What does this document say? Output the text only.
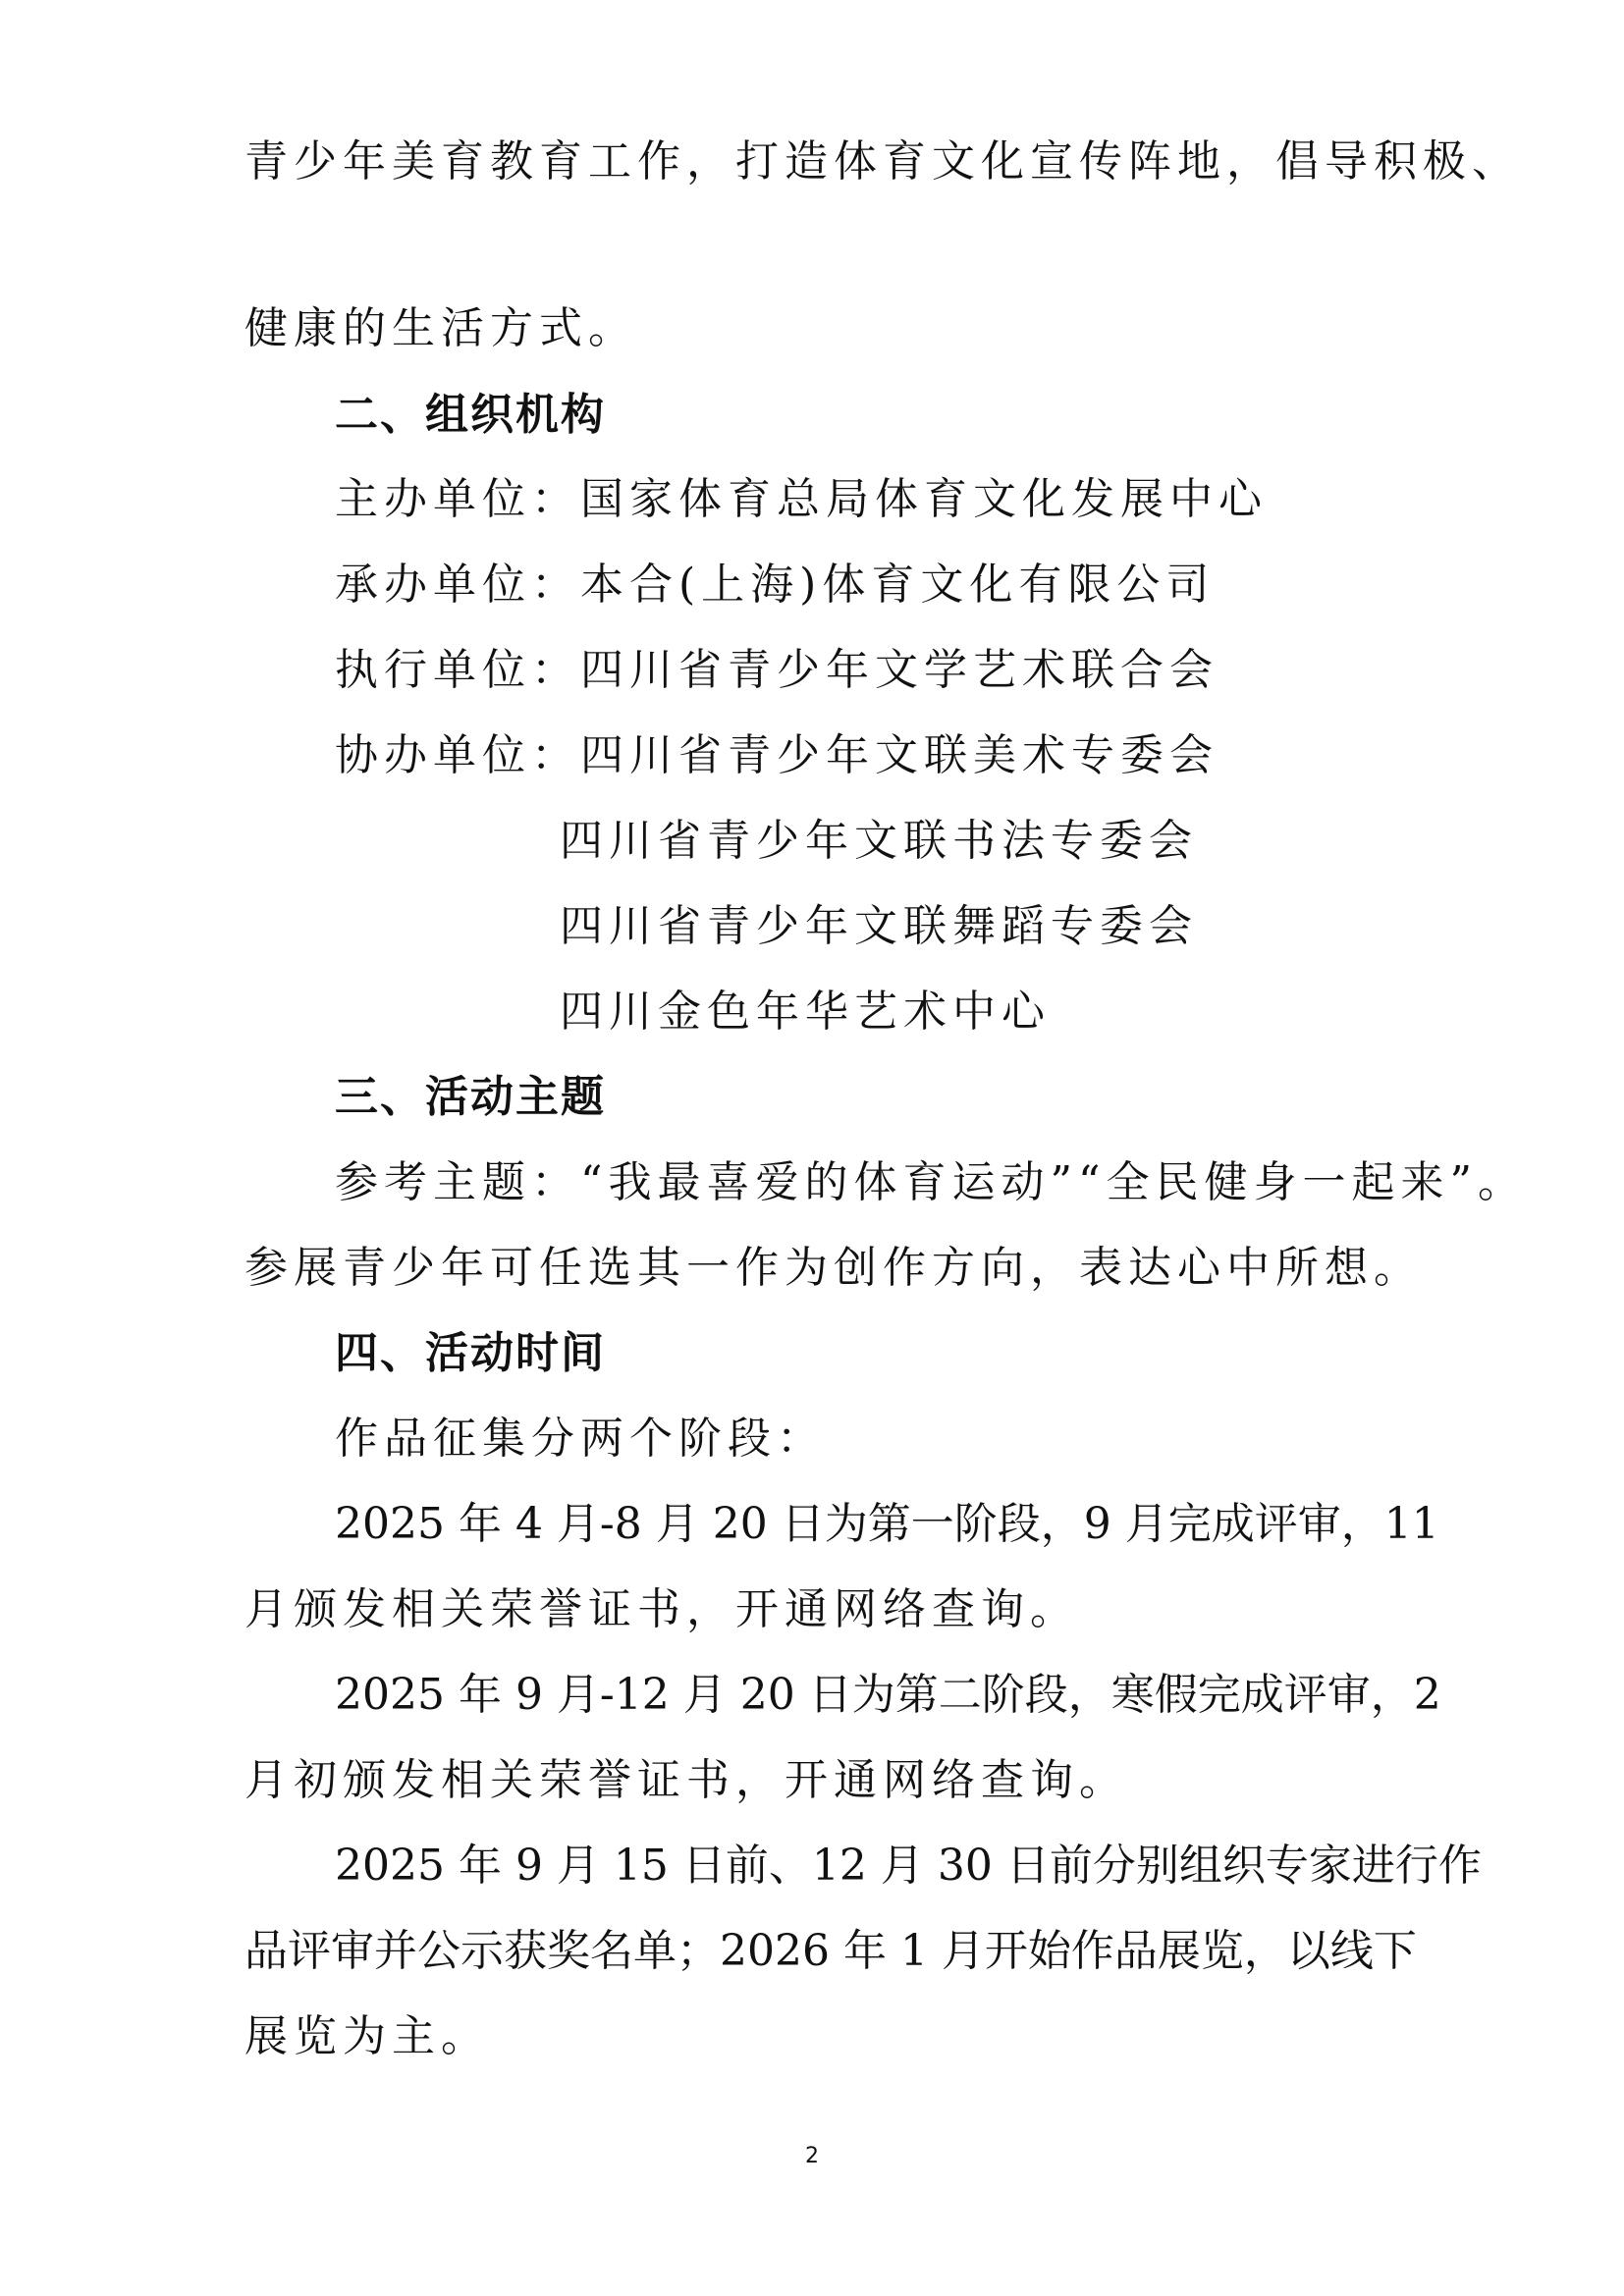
青少年美育教育工作，打造体育文化宣传阵地，倡导积极、
健康的生活方式。
二、组织机构
主办单位：国家体育总局体育文化发展中心
承办单位：本合(上海)体育文化有限公司
执行单位：四川省青少年文学艺术联合会
协办单位：四川省青少年文联美术专委会
四川省青少年文联书法专委会
四川省青少年文联舞蹈专委会
四川金色年华艺术中心
三、活动主题
参考主题：“我最喜爱的体育运动”“全民健身一起来”。
参展青少年可任选其一作为创作方向，表达心中所想。
四、活动时间
作品征集分两个阶段：
2025 年 4 月-8 月 20 日为第一阶段，9 月完成评审，11
月颁发相关荣誉证书，开通网络查询。
2025 年 9 月-12 月 20 日为第二阶段，寒假完成评审，2
月初颁发相关荣誉证书，开通网络查询。
2025 年 9 月 15 日前、12 月 30 日前分别组织专家进行作
品评审并公示获奖名单；2026 年 1 月开始作品展览，以线下
展览为主。
2
